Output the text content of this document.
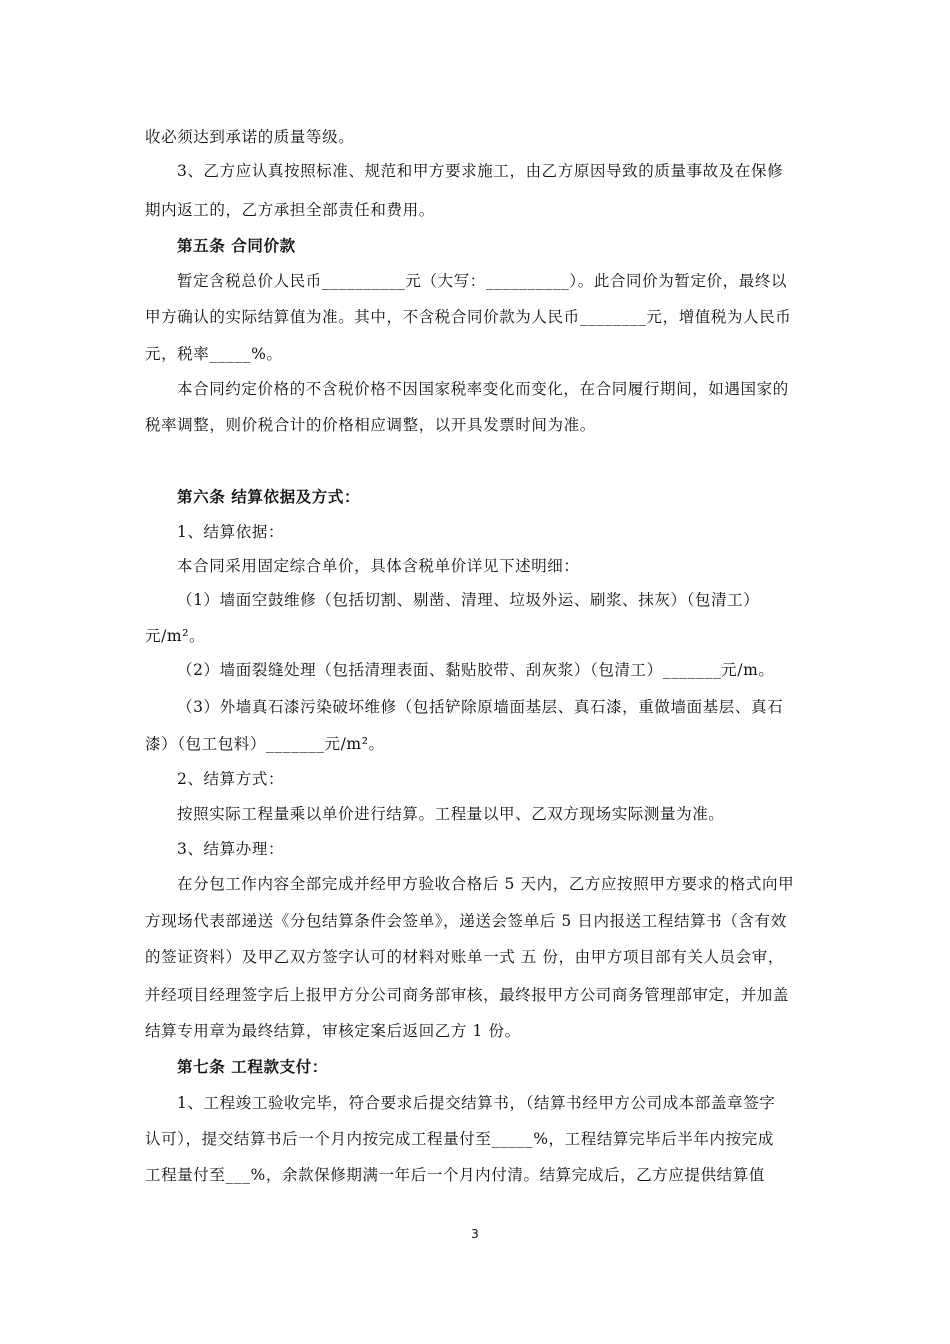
收必须达到承诺的质量等级。
3、乙方应认真按照标准、规范和甲方要求施工，由乙方原因导致的质量事故及在保修
期内返工的，乙方承担全部责任和费用。
第五条 合同价款
暂定含税总价人民币__________元（大写：__________）。此合同价为暂定价，最终以
甲方确认的实际结算值为准。其中，不含税合同价款为人民币________元，增值税为人民币
元，税率_____%。
本合同约定价格的不含税价格不因国家税率变化而变化，在合同履行期间，如遇国家的
税率调整，则价税合计的价格相应调整，以开具发票时间为准。
第六条 结算依据及方式：
1、结算依据：
本合同采用固定综合单价，具体含税单价详见下述明细：
（1）墙面空鼓维修（包括切割、剔凿、清理、垃圾外运、刷浆、抹灰）（包清工）
元/m²。
（2）墙面裂缝处理（包括清理表面、黏贴胶带、刮灰浆）（包清工）_______元/m。
（3）外墙真石漆污染破坏维修（包括铲除原墙面基层、真石漆，重做墙面基层、真石
漆）（包工包料）_______元/m²。
2、结算方式：
按照实际工程量乘以单价进行结算。工程量以甲、乙双方现场实际测量为准。
3、结算办理：
在分包工作内容全部完成并经甲方验收合格后 5 天内，乙方应按照甲方要求的格式向甲
方现场代表部递送《分包结算条件会签单》，递送会签单后 5 日内报送工程结算书（含有效
的签证资料）及甲乙双方签字认可的材料对账单一式 五 份，由甲方项目部有关人员会审，
并经项目经理签字后上报甲方分公司商务部审核，最终报甲方公司商务管理部审定，并加盖
结算专用章为最终结算，审核定案后返回乙方 1 份。
第七条 工程款支付：
1、工程竣工验收完毕，符合要求后提交结算书，（结算书经甲方公司成本部盖章签字
认可），提交结算书后一个月内按完成工程量付至_____%，工程结算完毕后半年内按完成
工程量付至___%，余款保修期满一年后一个月内付清。结算完成后，乙方应提供结算值
3
